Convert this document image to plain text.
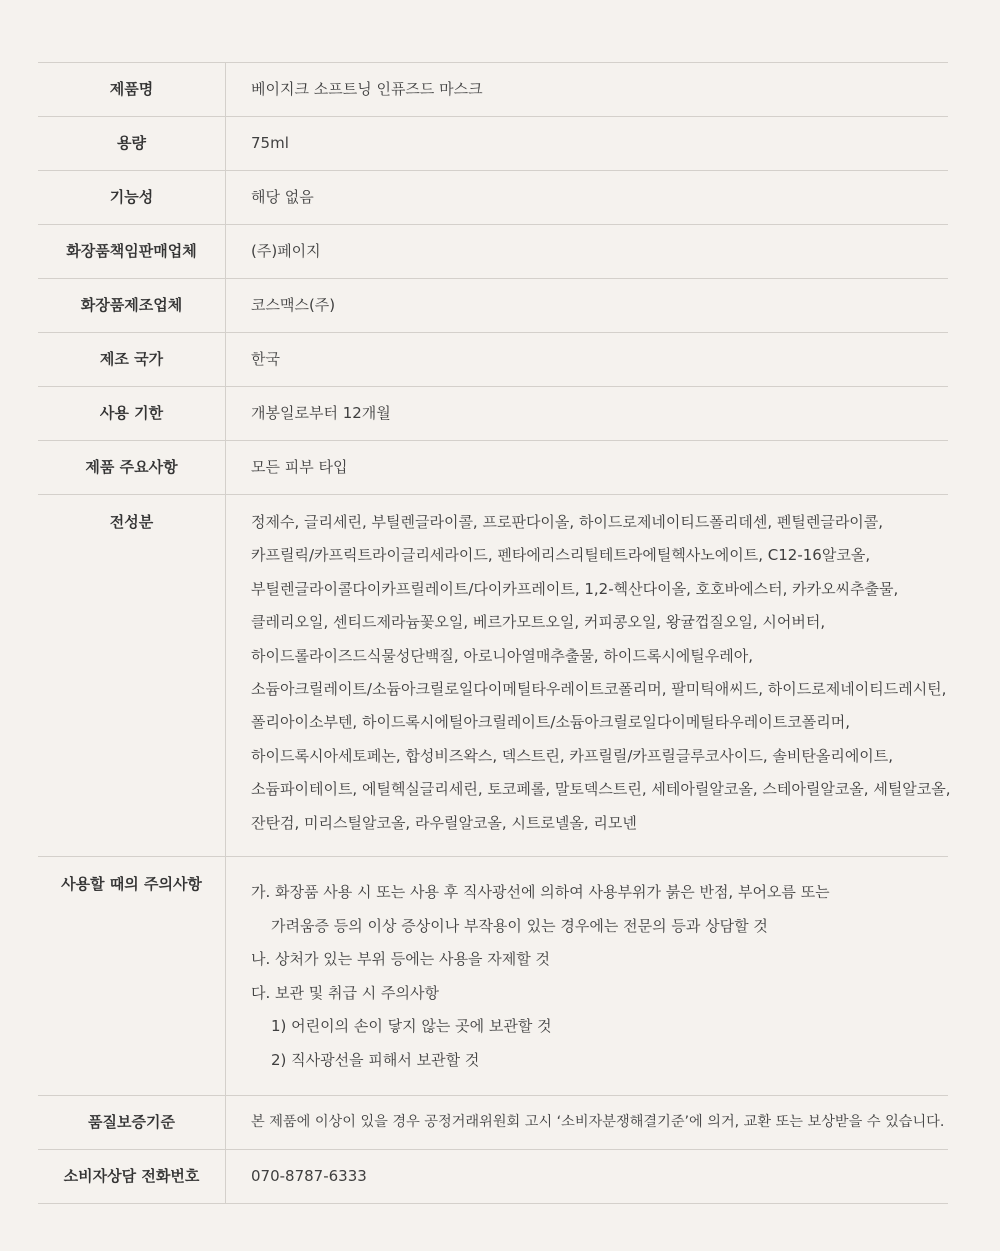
제품명	베이지크 소프트닝 인퓨즈드 마스크
용량	75ml
기능성	해당 없음
화장품책임판매업체	(주)페이지
화장품제조업체	코스맥스(주)
제조 국가	한국
사용 기한	개봉일로부터 12개월
제품 주요사항	모든 피부 타입
전성분	정제수, 글리세린, 부틸렌글라이콜, 프로판다이올, 하이드로제네이티드폴리데센, 펜틸렌글라이콜,
카프릴릭/카프릭트라이글리세라이드, 펜타에리스리틸테트라에틸헥사노에이트, C12-16알코올,
부틸렌글라이콜다이카프릴레이트/다이카프레이트, 1,2-헥산다이올, 호호바에스터, 카카오씨추출물,
클레리오일, 센티드제라늄꽃오일, 베르가모트오일, 커피콩오일, 왕귤껍질오일, 시어버터,
하이드롤라이즈드식물성단백질, 아로니아열매추출물, 하이드록시에틸우레아,
소듐아크릴레이트/소듐아크릴로일다이메틸타우레이트코폴리머, 팔미틱애씨드, 하이드로제네이티드레시틴,
폴리아이소부텐, 하이드록시에틸아크릴레이트/소듐아크릴로일다이메틸타우레이트코폴리머,
하이드록시아세토페논, 합성비즈왁스, 덱스트린, 카프릴릴/카프릴글루코사이드, 솔비탄올리에이트,
소듐파이테이트, 에틸헥실글리세린, 토코페롤, 말토덱스트린, 세테아릴알코올, 스테아릴알코올, 세틸알코올,
잔탄검, 미리스틸알코올, 라우릴알코올, 시트로넬올, 리모넨
사용할 때의 주의사항	가. 화장품 사용 시 또는 사용 후 직사광선에 의하여 사용부위가 붉은 반점, 부어오름 또는
가려움증 등의 이상 증상이나 부작용이 있는 경우에는 전문의 등과 상담할 것
나. 상처가 있는 부위 등에는 사용을 자제할 것
다. 보관 및 취급 시 주의사항
1) 어린이의 손이 닿지 않는 곳에 보관할 것
2) 직사광선을 피해서 보관할 것
품질보증기준	본 제품에 이상이 있을 경우 공정거래위원회 고시 ‘소비자분쟁해결기준’에 의거, 교환 또는 보상받을 수 있습니다.
소비자상담 전화번호	070-8787-6333
